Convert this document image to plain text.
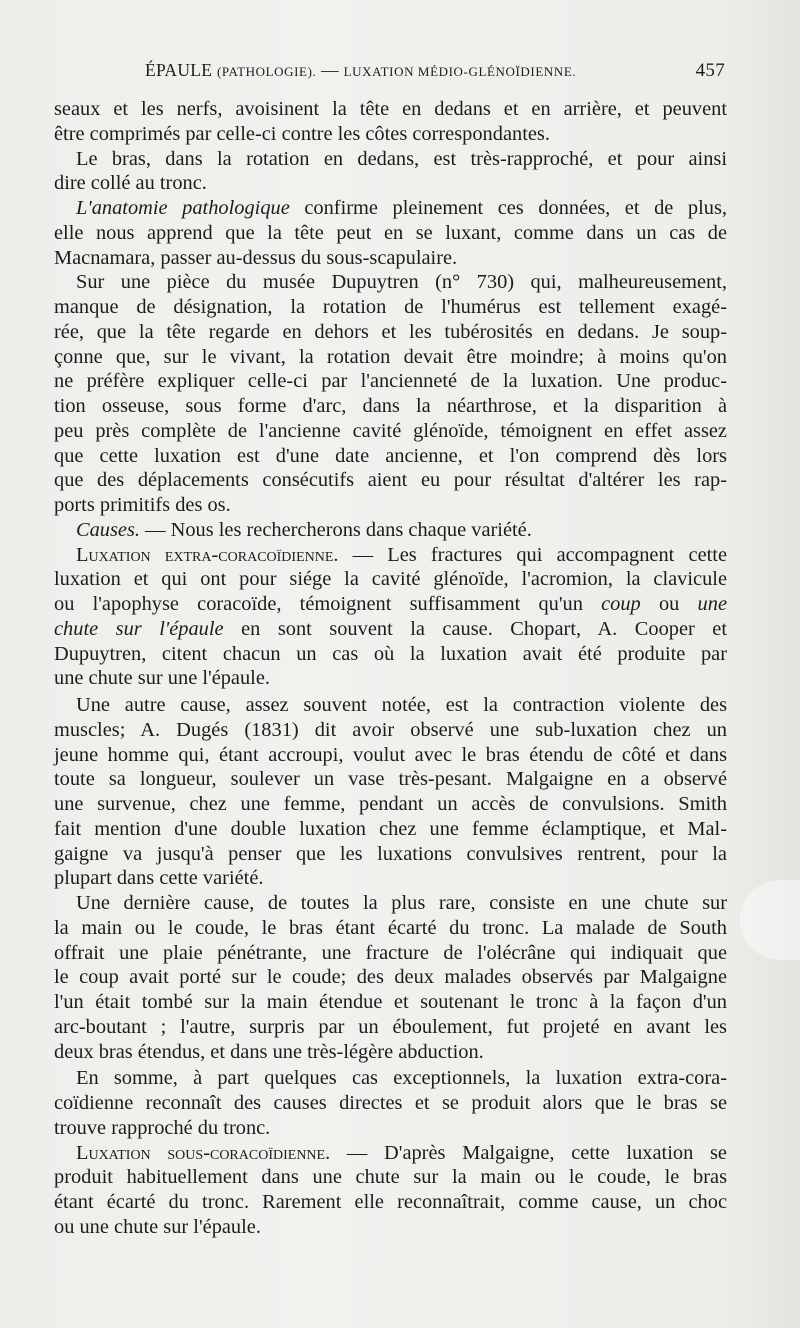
ÉPAULE (PATHOLOGIE). — LUXATION MÉDIO-GLÉNOÏDIENNE.	457
seaux et les nerfs, avoisinent la tête en dedans et en arrière, et peuvent
être comprimés par celle-ci contre les côtes correspondantes.
Le bras, dans la rotation en dedans, est très-rapproché, et pour ainsi
dire collé au tronc.
L'anatomie pathologique confirme pleinement ces données, et de plus,
elle nous apprend que la tête peut en se luxant, comme dans un cas de
Macnamara, passer au-dessus du sous-scapulaire.
Sur une pièce du musée Dupuytren (n° 730) qui, malheureusement,
manque de désignation, la rotation de l'humérus est tellement exagé-
rée, que la tête regarde en dehors et les tubérosités en dedans. Je soup-
çonne que, sur le vivant, la rotation devait être moindre; à moins qu'on
ne préfère expliquer celle-ci par l'ancienneté de la luxation. Une produc-
tion osseuse, sous forme d'arc, dans la néarthrose, et la disparition à
peu près complète de l'ancienne cavité glénoïde, témoignent en effet assez
que cette luxation est d'une date ancienne, et l'on comprend dès lors
que des déplacements consécutifs aient eu pour résultat d'altérer les rap-
ports primitifs des os.
Causes. — Nous les rechercherons dans chaque variété.
Luxation extra-coracoïdienne. — Les fractures qui accompagnent cette
luxation et qui ont pour siége la cavité glénoïde, l'acromion, la clavicule
ou l'apophyse coracoïde, témoignent suffisamment qu'un coup ou une
chute sur l'épaule en sont souvent la cause. Chopart, A. Cooper et
Dupuytren, citent chacun un cas où la luxation avait été produite par
une chute sur une l'épaule.
Une autre cause, assez souvent notée, est la contraction violente des
muscles; A. Dugés (1831) dit avoir observé une sub-luxation chez un
jeune homme qui, étant accroupi, voulut avec le bras étendu de côté et dans
toute sa longueur, soulever un vase très-pesant. Malgaigne en a observé
une survenue, chez une femme, pendant un accès de convulsions. Smith
fait mention d'une double luxation chez une femme éclamptique, et Mal-
gaigne va jusqu'à penser que les luxations convulsives rentrent, pour la
plupart dans cette variété.
Une dernière cause, de toutes la plus rare, consiste en une chute sur
la main ou le coude, le bras étant écarté du tronc. La malade de South
offrait une plaie pénétrante, une fracture de l'olécrâne qui indiquait que
le coup avait porté sur le coude; des deux malades observés par Malgaigne
l'un était tombé sur la main étendue et soutenant le tronc à la façon d'un
arc-boutant ; l'autre, surpris par un éboulement, fut projeté en avant les
deux bras étendus, et dans une très-légère abduction.
En somme, à part quelques cas exceptionnels, la luxation extra-cora-
coïdienne reconnaît des causes directes et se produit alors que le bras se
trouve rapproché du tronc.
Luxation sous-coracoïdienne. — D'après Malgaigne, cette luxation se
produit habituellement dans une chute sur la main ou le coude, le bras
étant écarté du tronc. Rarement elle reconnaîtrait, comme cause, un choc
ou une chute sur l'épaule.
